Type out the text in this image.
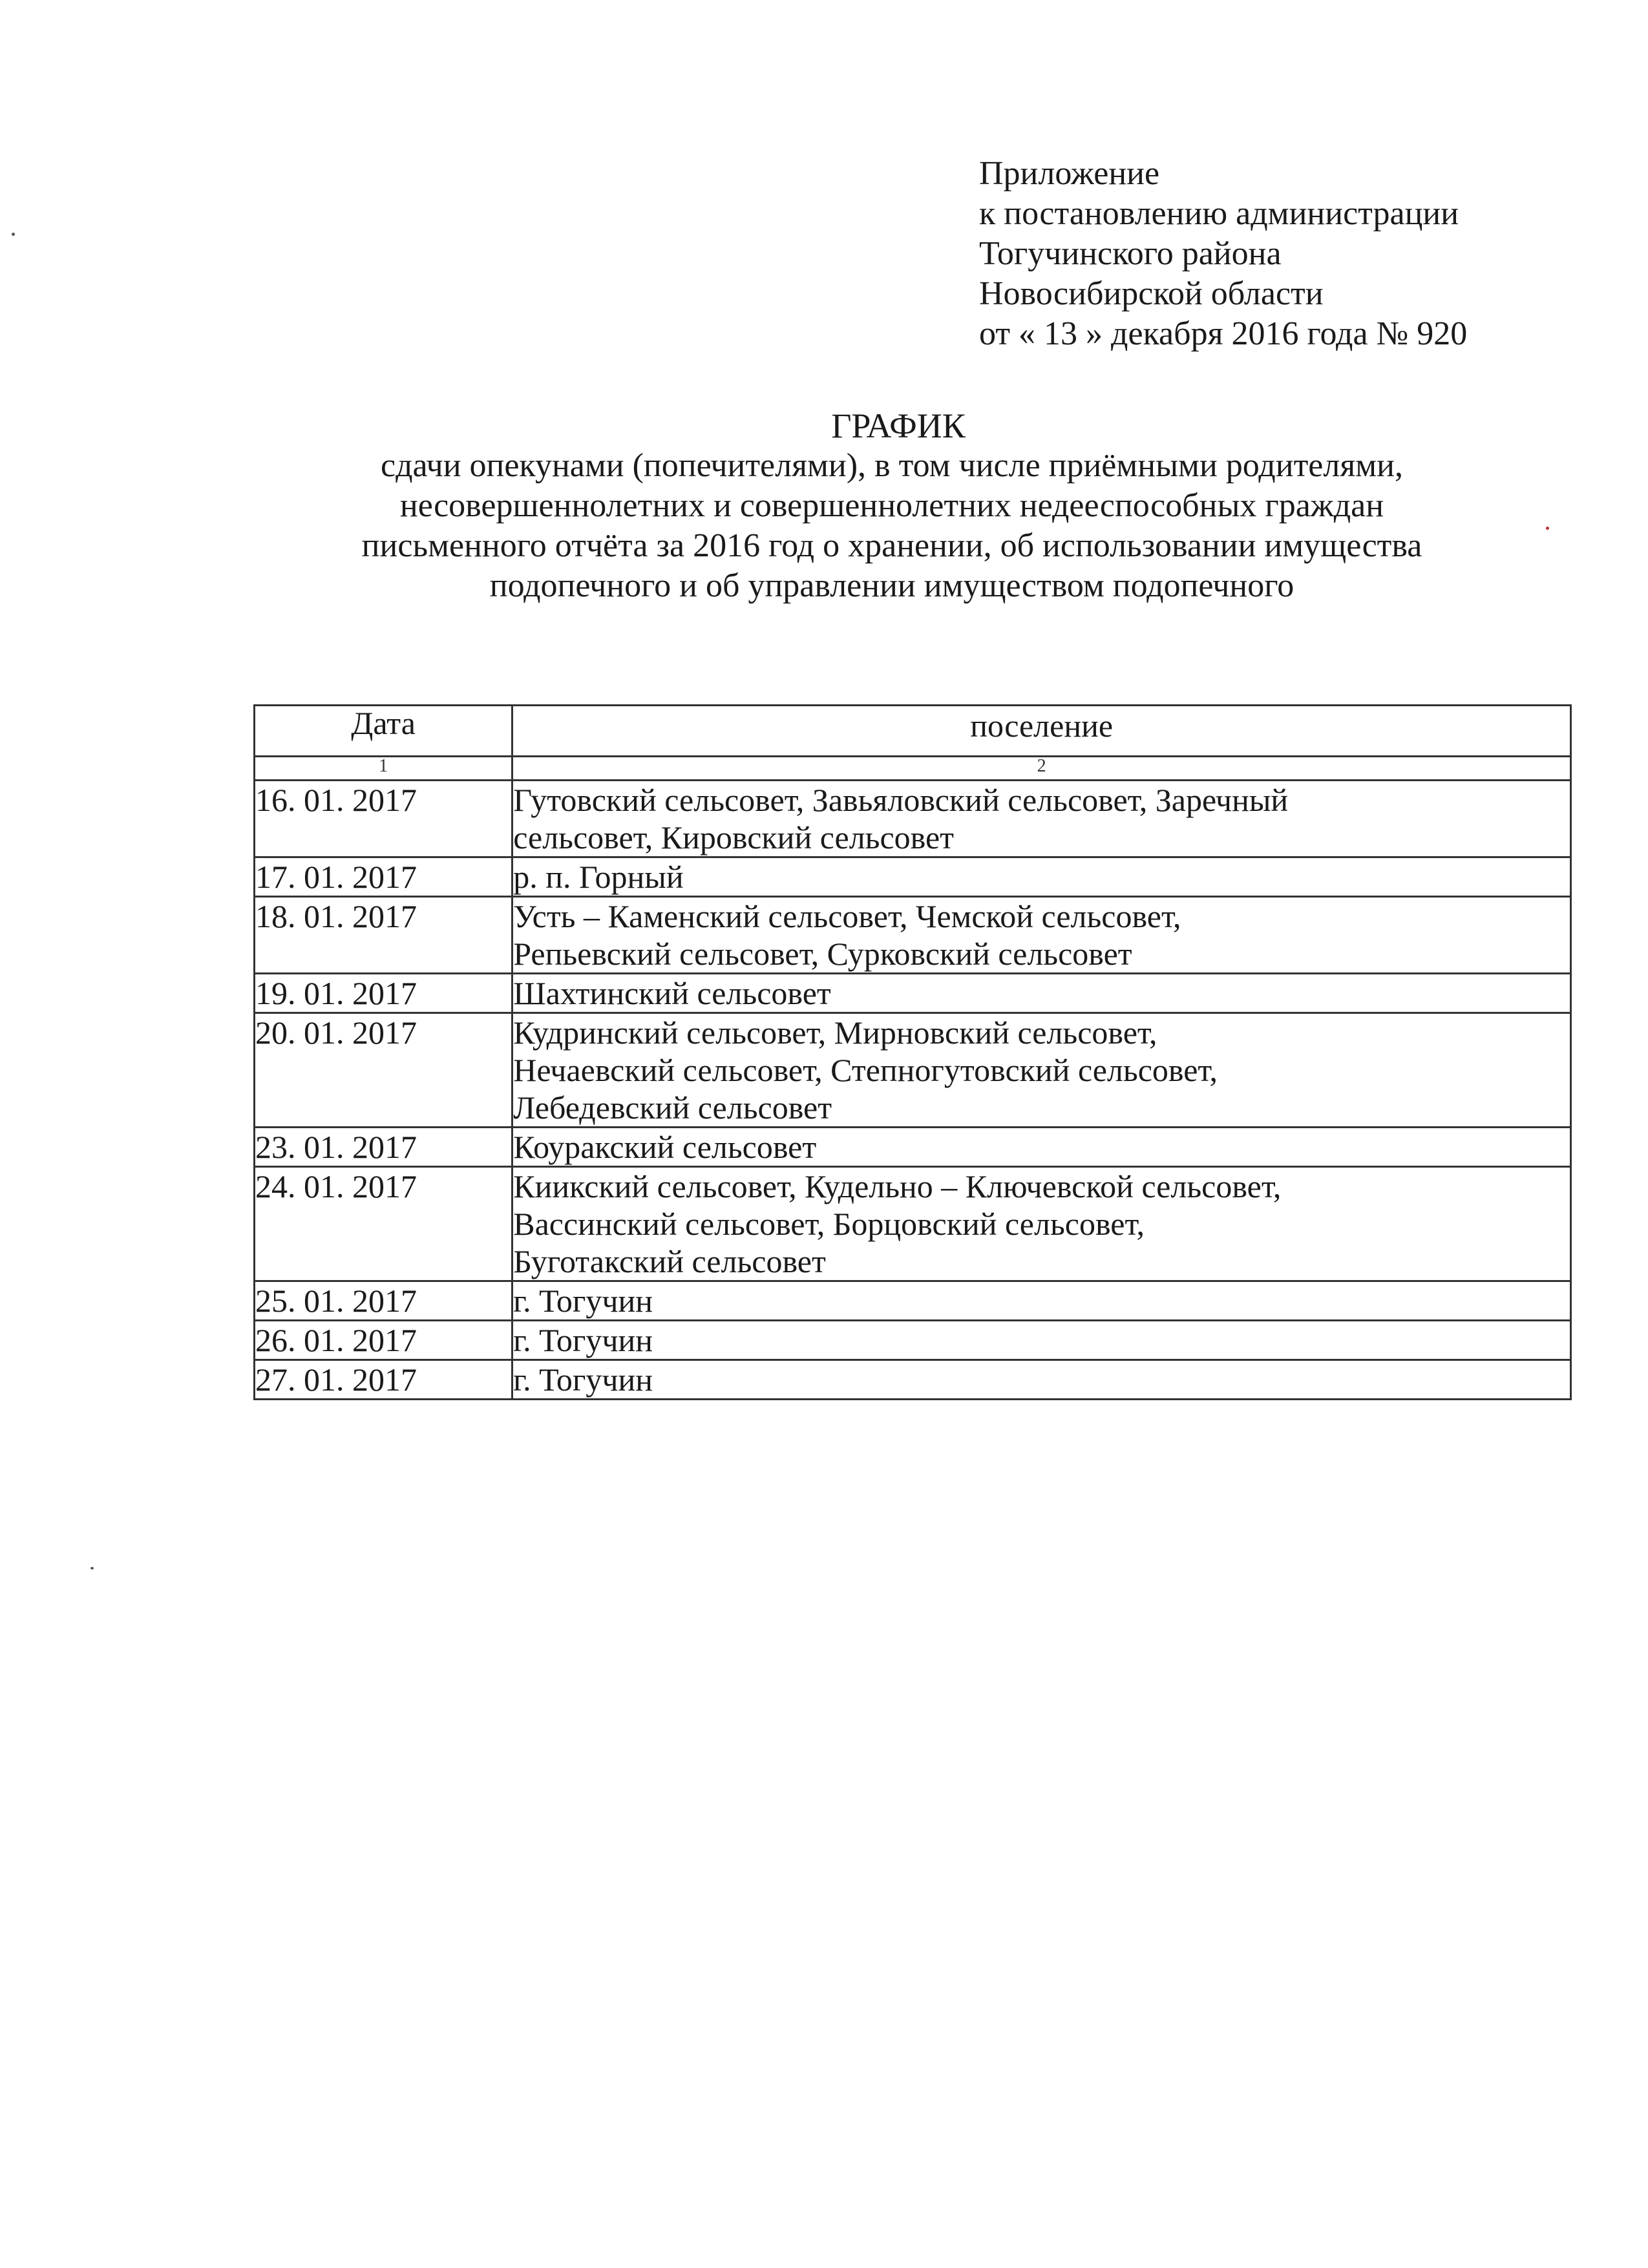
Приложение
к постановлению администрации
Тогучинского района
Новосибирской области
от « 13 » декабря 2016 года № 920
ГРАФИК
сдачи опекунами (попечителями), в том числе приёмными родителями,
несовершеннолетних и совершеннолетних недееспособных граждан
письменного отчёта за 2016 год о хранении, об использовании имущества
подопечного и об управлении имуществом подопечного
Дата	поселение
1	2
16. 01. 2017	Гутовский сельсовет, Завьяловский сельсовет, Заречный
сельсовет, Кировский сельсовет

17. 01. 2017	р. п. Горный

18. 01. 2017	Усть – Каменский сельсовет, Чемской сельсовет,
Репьевский сельсовет, Сурковский сельсовет

19. 01. 2017	Шахтинский сельсовет

20. 01. 2017	Кудринский сельсовет, Мирновский сельсовет,
Нечаевский сельсовет, Степногутовский сельсовет,
Лебедевский сельсовет

23. 01. 2017	Коуракский сельсовет

24. 01. 2017	Киикский сельсовет, Кудельно – Ключевской сельсовет,
Вассинский сельсовет, Борцовский сельсовет,
Буготакский сельсовет

25. 01. 2017	г. Тогучин

26. 01. 2017	г. Тогучин

27. 01. 2017	г. Тогучин
